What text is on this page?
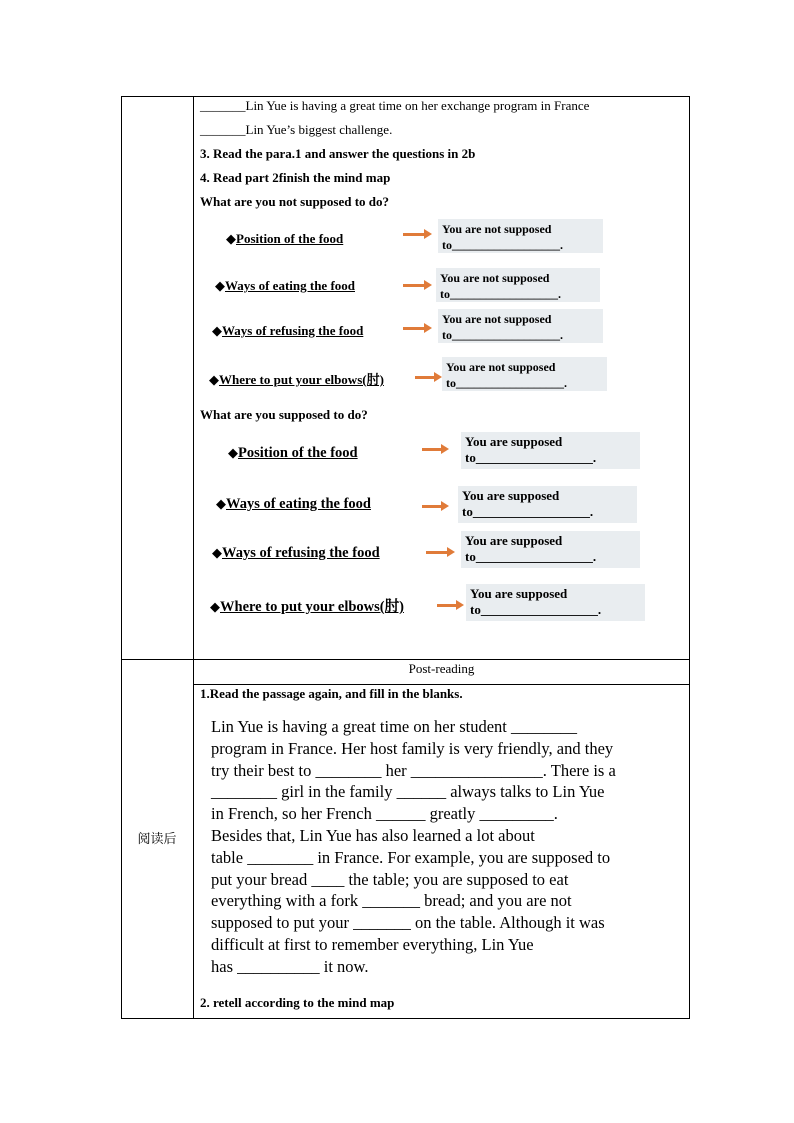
_______Lin Yue is having a great time on her exchange program in France
_______Lin Yue’s biggest challenge.
3. Read the para.1 and answer the questions in 2b
4. Read part 2finish the mind map
What are you not supposed to do?
◆Position of the food
You are not supposed
to__________________.
◆Ways of eating the food	You are not supposed
to__________________.
◆Ways of refusing the food
You are not supposed
to__________________.
◆Where to put your elbows(肘)
You are not supposed
to__________________.
What are you supposed to do?
◆Position of the food
You are supposed
to__________________.
◆Ways of eating the food
You are supposed
to__________________.
◆Ways of refusing the food
You are supposed
to__________________.
◆Where to put your elbows(肘)
You are supposed
to__________________.
Post-reading
阅读后
1.Read the passage again, and fill in the blanks.
Lin Yue is having a great time on her student ________
program in France. Her host family is very friendly, and they
try their best to ________ her ________________. There is a
________ girl in the family ______ always talks to Lin Yue
in French, so her French ______ greatly _________.
Besides that, Lin Yue has also learned a lot about
table ________ in France. For example, you are supposed to
put your bread ____ the table; you are supposed to eat
everything with a fork _______ bread; and you are not
supposed to put your _______ on the table. Although it was
difficult at first to remember everything, Lin Yue
has __________ it now.
2. retell according to the mind map
